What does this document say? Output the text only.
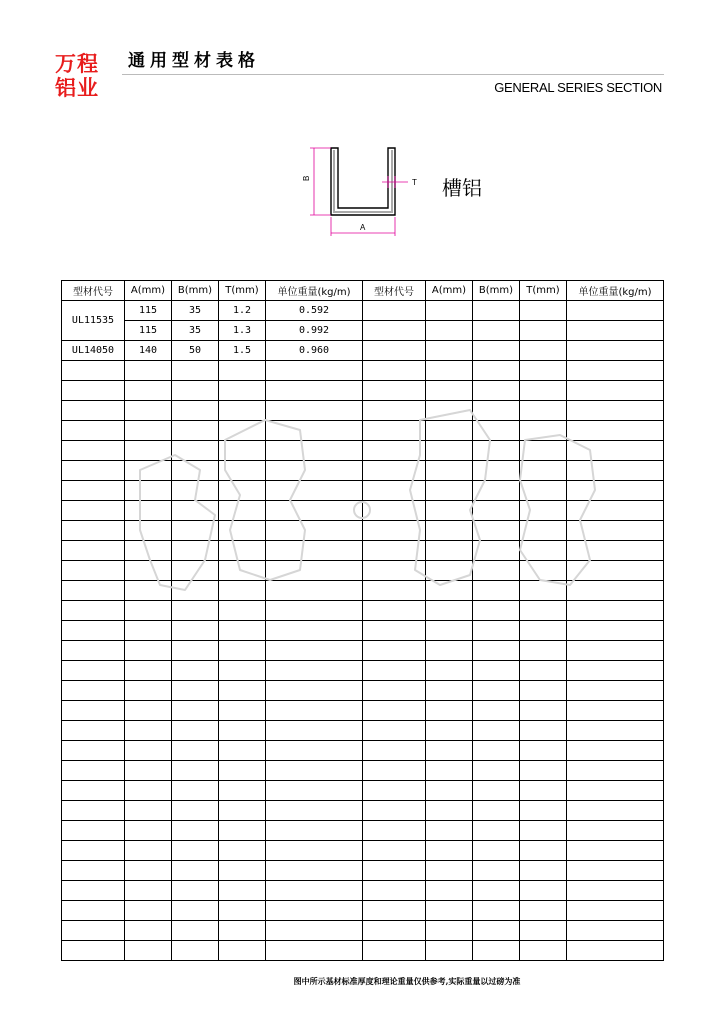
万程
铝业
通用型材表格
GENERAL SERIES SECTION
B
A
T 槽铝
型材代号	A(mm)	B(mm)	T(mm)	单位重量(kg/m)	型材代号	A(mm)	B(mm)	T(mm)	单位重量(kg/m)
UL11535	115	35	1.2	0.592					
	115	35	1.3	0.992					
UL14050	140	50	1.5	0.960					

图中所示基材标准厚度和理论重量仅供参考,实际重量以过磅为准
